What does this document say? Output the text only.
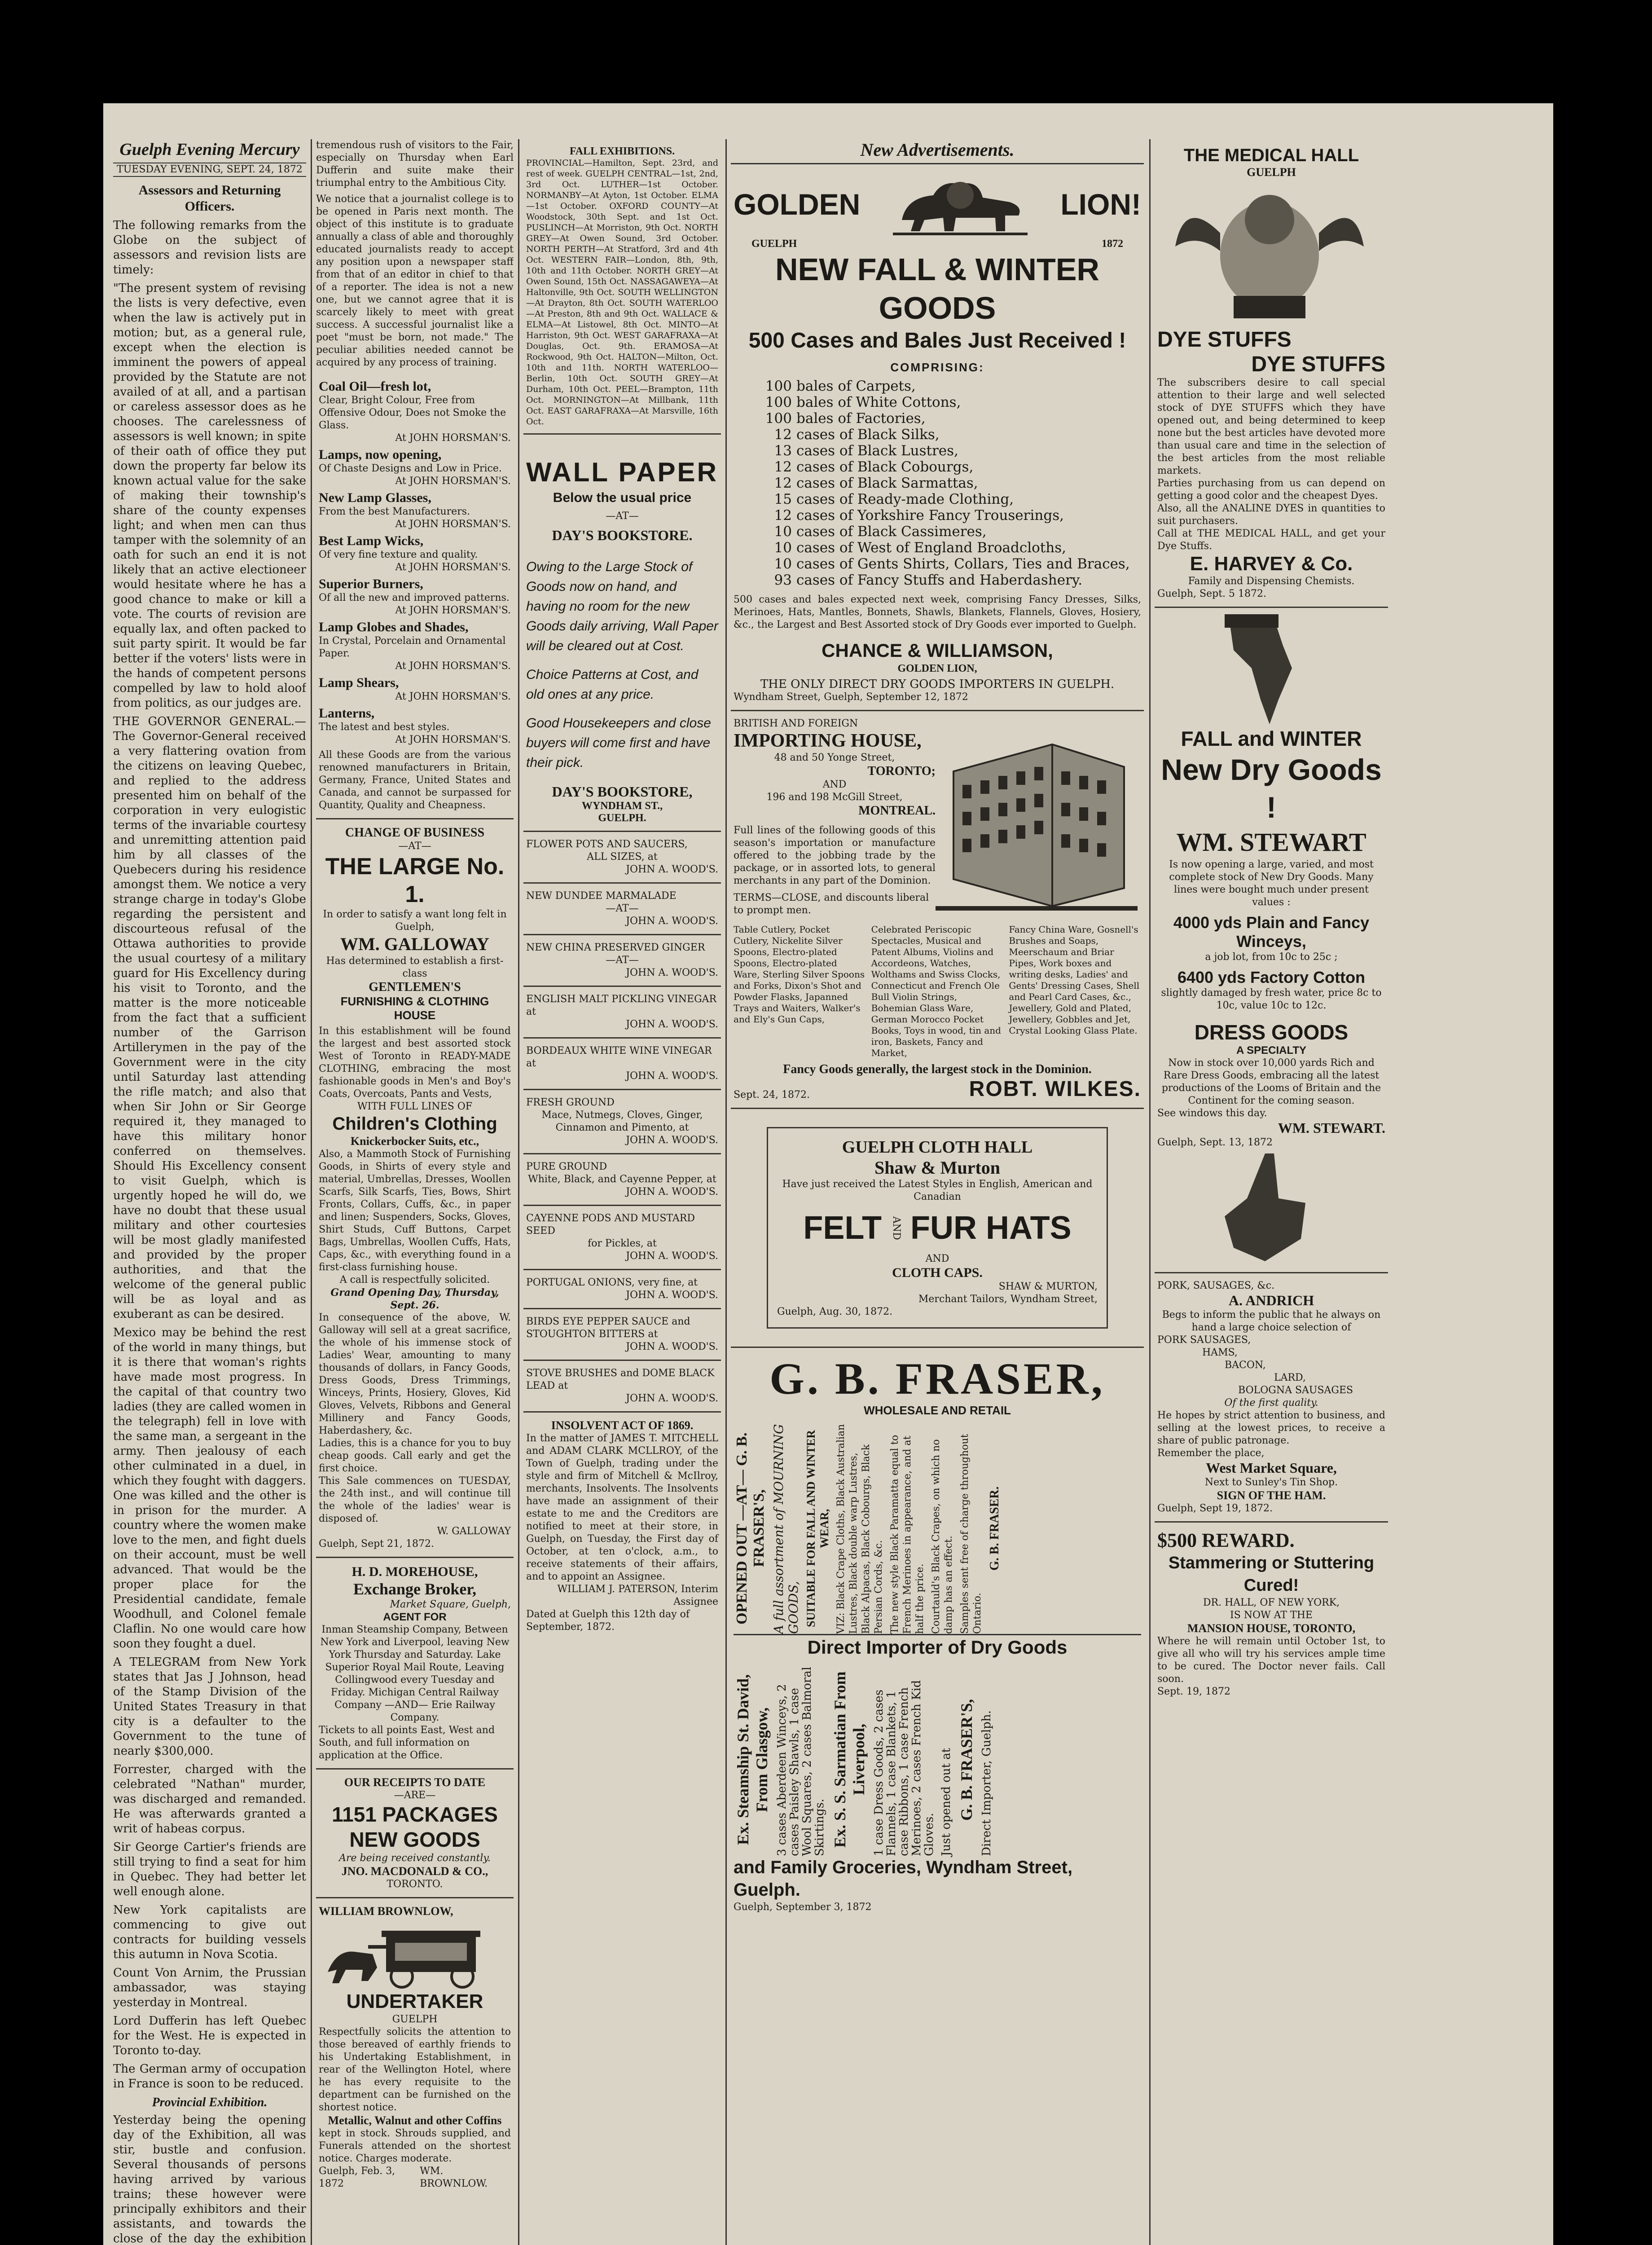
Guelph Evening Mercury
TUESDAY EVENING, SEPT. 24, 1872
Assessors and Returning Officers.

The following remarks from the Globe on the subject of assessors and revision lists are timely:

"The present system of revising the lists is very defective, even when the law is actively put in motion; but, as a general rule, except when the election is imminent the powers of appeal provided by the Statute are not availed of at all, and a partisan or careless assessor does as he chooses. The carelessness of assessors is well known; in spite of their oath of office they put down the property far below its known actual value for the sake of making their township's share of the county expenses light; and when men can thus tamper with the solemnity of an oath for such an end it is not likely that an active electioneer would hesitate where he has a good chance to make or kill a vote. The courts of revision are equally lax, and often packed to suit party spirit. It would be far better if the voters' lists were in the hands of competent persons compelled by law to hold aloof from politics, as our judges are.

THE GOVERNOR GENERAL.—The Governor-General received a very flattering ovation from the citizens on leaving Quebec, and replied to the address presented him on behalf of the corporation in very eulogistic terms of the invariable courtesy and unremitting attention paid him by all classes of the Quebecers during his residence amongst them. We notice a very strange charge in today's Globe regarding the persistent and discourteous refusal of the Ottawa authorities to provide the usual courtesy of a military guard for His Excellency during his visit to Toronto, and the matter is the more noticeable from the fact that a sufficient number of the Garrison Artillerymen in the pay of the Government were in the city until Saturday last attending the rifle match; and also that when Sir John or Sir George required it, they managed to have this military honor conferred on themselves. Should His Excellency consent to visit Guelph, which is urgently hoped he will do, we have no doubt that these usual military and other courtesies will be most gladly manifested and provided by the proper authorities, and that the welcome of the general public will be as loyal and as exuberant as can be desired.

Mexico may be behind the rest of the world in many things, but it is there that woman's rights have made most progress. In the capital of that country two ladies (they are called women in the telegraph) fell in love with the same man, a sergeant in the army. Then jealousy of each other culminated in a duel, in which they fought with daggers. One was killed and the other is in prison for the murder. A country where the women make love to the men, and fight duels on their account, must be well advanced. That would be the proper place for the Presidential candidate, female Woodhull, and Colonel female Claflin. No one would care how soon they fought a duel.

A TELEGRAM from New York states that Jas J Johnson, head of the Stamp Division of the United States Treasury in that city is a defaulter to the Government to the tune of nearly $300,000.

Forrester, charged with the celebrated "Nathan" murder, was discharged and remanded. He was afterwards granted a writ of habeas corpus.

Sir George Cartier's friends are still trying to find a seat for him in Quebec. They had better let well enough alone.

New York capitalists are commencing to give out contracts for building vessels this autumn in Nova Scotia.

Count Von Arnim, the Prussian ambassador, was staying yesterday in Montreal.

Lord Dufferin has left Quebec for the West. He is expected in Toronto to-day.

The German army of occupation in France is soon to be reduced.

Provincial Exhibition.

Yesterday being the opening day of the Exhibition, all was stir, bustle and confusion. Several thousands of persons having arrived by various trains; these however were principally exhibitors and their assistants, and towards the close of the day the exhibition

tremendous rush of visitors to the Fair, especially on Thursday when Earl Dufferin and suite make their triumphal entry to the Ambitious City.

We notice that a journalist college is to be opened in Paris next month. The object of this institute is to graduate annually a class of able and thoroughly educated journalists ready to accept any position upon a newspaper staff from that of an editor in chief to that of a reporter. The idea is not a new one, but we cannot agree that it is scarcely likely to meet with great success. A successful journalist like a poet "must be born, not made." The peculiar abilities needed cannot be acquired by any process of training.

Coal Oil—fresh lot,
Clear, Bright Colour, Free from Offensive Odour, Does not Smoke the Glass.
At JOHN HORSMAN'S.
Lamps, now opening,
Of Chaste Designs and Low in Price.
At JOHN HORSMAN'S.
New Lamp Glasses,
From the best Manufacturers.
At JOHN HORSMAN'S.
Best Lamp Wicks,
Of very fine texture and quality.
At JOHN HORSMAN'S.
Superior Burners,
Of all the new and improved patterns.
At JOHN HORSMAN'S.
Lamp Globes and Shades,
In Crystal, Porcelain and Ornamental Paper.
At JOHN HORSMAN'S.
Lamp Shears,
At JOHN HORSMAN'S.
Lanterns,
The latest and best styles.
At JOHN HORSMAN'S.
All these Goods are from the various renowned manufacturers in Britain, Germany, France, United States and Canada, and cannot be surpassed for Quantity, Quality and Cheapness.
CHANGE OF BUSINESS
—AT—
THE LARGE No. 1.
In order to satisfy a want long felt in Guelph,
WM. GALLOWAY
Has determined to establish a first-class
GENTLEMEN'S
FURNISHING & CLOTHING HOUSE
In this establishment will be found the largest and best assorted stock West of Toronto in READY-MADE CLOTHING, embracing the most fashionable goods in Men's and Boy's Coats, Overcoats, Pants and Vests,
WITH FULL LINES OF
Children's Clothing
Knickerbocker Suits, etc.,
Also, a Mammoth Stock of Furnishing Goods, in Shirts of every style and material, Umbrellas, Dresses, Woollen Scarfs, Silk Scarfs, Ties, Bows, Shirt Fronts, Collars, Cuffs, &c., in paper and linen; Suspenders, Socks, Gloves, Shirt Studs, Cuff Buttons, Carpet Bags, Umbrellas, Woollen Cuffs, Hats, Caps, &c., with everything found in a first-class furnishing house.
A call is respectfully solicited.
Grand Opening Day, Thursday, Sept. 26.
In consequence of the above, W. Galloway will sell at a great sacrifice, the whole of his immense stock of Ladies' Wear, amounting to many thousands of dollars, in Fancy Goods, Dress Goods, Dress Trimmings, Winceys, Prints, Hosiery, Gloves, Kid Gloves, Velvets, Ribbons and General Millinery and Fancy Goods, Haberdashery, &c.
Ladies, this is a chance for you to buy cheap goods. Call early and get the first choice.
This Sale commences on TUESDAY, the 24th inst., and will continue till the whole of the ladies' wear is disposed of.
W. GALLOWAY
Guelph, Sept 21, 1872.
H. D. MOREHOUSE,
Exchange Broker,
Market Square, Guelph,
AGENT FOR
Inman Steamship Company, Between New York and Liverpool, leaving New York Thursday and Saturday. Lake Superior Royal Mail Route, Leaving Collingwood every Tuesday and Friday. Michigan Central Railway Company —AND— Erie Railway Company.
Tickets to all points East, West and South, and full information on application at the Office.
OUR RECEIPTS TO DATE
—ARE—
1151 PACKAGES
NEW GOODS
Are being received constantly.
JNO. MACDONALD & CO.,
TORONTO.
WILLIAM BROWNLOW,
UNDERTAKER
GUELPH
Respectfully solicits the attention to those bereaved of earthly friends to his Undertaking Establishment, in rear of the Wellington Hotel, where he has every requisite to the department can be furnished on the shortest notice.
Metallic, Walnut and other Coffins
kept in stock. Shrouds supplied, and Funerals attended on the shortest notice. Charges moderate.
Guelph, Feb. 3, 1872
WM. BROWNLOW.
FALL EXHIBITIONS.
PROVINCIAL—Hamilton, Sept. 23rd, and rest of week. GUELPH CENTRAL—1st, 2nd, 3rd Oct. LUTHER—1st October. NORMANBY—At Ayton, 1st October. ELMA—1st October. OXFORD COUNTY—At Woodstock, 30th Sept. and 1st Oct. PUSLINCH—At Morriston, 9th Oct. NORTH GREY—At Owen Sound, 3rd October. NORTH PERTH—At Stratford, 3rd and 4th Oct. WESTERN FAIR—London, 8th, 9th, 10th and 11th October. NORTH GREY—At Owen Sound, 15th Oct. NASSAGAWEYA—At Haltonville, 9th Oct. SOUTH WELLINGTON—At Drayton, 8th Oct. SOUTH WATERLOO—At Preston, 8th and 9th Oct. WALLACE & ELMA—At Listowel, 8th Oct. MINTO—At Harriston, 9th Oct. WEST GARAFRAXA—At Douglas, Oct. 9th. ERAMOSA—At Rockwood, 9th Oct. HALTON—Milton, Oct. 10th and 11th. NORTH WATERLOO—Berlin, 10th Oct. SOUTH GREY—At Durham, 10th Oct. PEEL—Brampton, 11th Oct. MORNINGTON—At Millbank, 11th Oct. EAST GARAFRAXA—At Marsville, 16th Oct.
WALL PAPER
Below the usual price
—AT—
DAY'S BOOKSTORE.
Owing to the Large Stock of Goods now on hand, and having no room for the new Goods daily arriving, Wall Paper will be cleared out at Cost.
Choice Patterns at Cost, and old ones at any price.
Good Housekeepers and close buyers will come first and have their pick.
DAY'S BOOKSTORE,
WYNDHAM ST.,
GUELPH.
FLOWER POTS AND SAUCERS,
ALL SIZES, at
JOHN A. WOOD'S.
NEW DUNDEE MARMALADE
—AT—
JOHN A. WOOD'S.
NEW CHINA PRESERVED GINGER
—AT—
JOHN A. WOOD'S.
ENGLISH MALT PICKLING VINEGAR at
JOHN A. WOOD'S.
BORDEAUX WHITE WINE VINEGAR at
JOHN A. WOOD'S.
FRESH GROUND
Mace, Nutmegs, Cloves, Ginger, Cinnamon and Pimento, at
JOHN A. WOOD'S.
PURE GROUND
White, Black, and Cayenne Pepper, at
JOHN A. WOOD'S.
CAYENNE PODS AND MUSTARD SEED
for Pickles, at
JOHN A. WOOD'S.
PORTUGAL ONIONS, very fine, at
JOHN A. WOOD'S.
BIRDS EYE PEPPER SAUCE and STOUGHTON BITTERS at
JOHN A. WOOD'S.
STOVE BRUSHES and DOME BLACK LEAD at
JOHN A. WOOD'S.
INSOLVENT ACT OF 1869.
In the matter of JAMES T. MITCHELL and ADAM CLARK MCLLROY, of the Town of Guelph, trading under the style and firm of Mitchell & McIlroy, merchants, Insolvents. The Insolvents have made an assignment of their estate to me and the Creditors are notified to meet at their store, in Guelph, on Tuesday, the First day of October, at ten o'clock, a.m., to receive statements of their affairs, and to appoint an Assignee.
WILLIAM J. PATERSON, Interim Assignee
Dated at Guelph this 12th day of September, 1872.
New Advertisements.
GOLDEN	LION!
GUELPH	1872
NEW FALL & WINTER GOODS
500 Cases and Bales Just Received !
COMPRISING:
100 bales of Carpets,
100 bales of White Cottons,
100 bales of Factories,
12 cases of Black Silks,
13 cases of Black Lustres,
12 cases of Black Cobourgs,
12 cases of Black Sarmattas,
15 cases of Ready-made Clothing,
12 cases of Yorkshire Fancy Trouserings,
10 cases of Black Cassimeres,
10 cases of West of England Broadcloths,
10 cases of Gents Shirts, Collars, Ties and Braces,
93 cases of Fancy Stuffs and Haberdashery.
500 cases and bales expected next week, comprising Fancy Dresses, Silks, Merinoes, Hats, Mantles, Bonnets, Shawls, Blankets, Flannels, Gloves, Hosiery, &c., the Largest and Best Assorted stock of Dry Goods ever imported to Guelph.
CHANCE & WILLIAMSON,
GOLDEN LION,
THE ONLY DIRECT DRY GOODS IMPORTERS IN GUELPH.
Wyndham Street, Guelph, September 12, 1872
BRITISH AND FOREIGN
IMPORTING HOUSE,
48 and 50 Yonge Street,
TORONTO;
AND
196 and 198 McGill Street,
MONTREAL.
Full lines of the following goods of this season's importation or manufacture offered to the jobbing trade by the package, or in assorted lots, to general merchants in any part of the Dominion.
TERMS—CLOSE, and discounts liberal to prompt men.
Table Cutlery, Pocket Cutlery, Nickelite Silver Spoons, Electro-plated Spoons, Electro-plated Ware, Sterling Silver Spoons and Forks, Dixon's Shot and Powder Flasks, Japanned Trays and Waiters, Walker's and Ely's Gun Caps,
Celebrated Periscopic Spectacles, Musical and Patent Albums, Violins and Accordeons, Watches, Wolthams and Swiss Clocks, Connecticut and French Ole Bull Violin Strings, Bohemian Glass Ware, German Morocco Pocket Books, Toys in wood, tin and iron, Baskets, Fancy and Market,
Fancy China Ware, Gosnell's Brushes and Soaps, Meerschaum and Briar Pipes, Work boxes and writing desks, Ladies' and Gents' Dressing Cases, Shell and Pearl Card Cases, &c., Jewellery, Gold and Plated, Jewellery, Gobbles and Jet, Crystal Looking Glass Plate.
Fancy Goods generally, the largest stock in the Dominion.
Sept. 24, 1872.	ROBT. WILKES.
GUELPH CLOTH HALL
Shaw & Murton
Have just received the Latest Styles in English, American and Canadian
FELT AND FUR HATS
AND
CLOTH CAPS.
SHAW & MURTON,
Merchant Tailors, Wyndham Street,
Guelph, Aug. 30, 1872.
G. B. FRASER,
WHOLESALE AND RETAIL
OPENED OUT —AT— G. B. FRASER'S, A full assortment of MOURNING GOODS, SUITABLE FOR FALL AND WINTER WEAR, VIZ: Black Crape Cloths, Black Australian Lustres, Black double warp Lustres, Black Alpacas, Black Cobourgs, Black Persian Cords, &c. The new style Black Paramatta equal to French Merinoes in appearance, and at half the price. Courtauld's Black Crapes, on which no damp has an effect. Samples sent free of charge throughout Ontario.
G. B. FRASER.
Direct Importer of Dry Goods
Ex. Steamship St. David, From Glasgow, 3 cases Aberdeen Winceys, 2 cases Paisley Shawls, 1 case Wool Squares, 2 cases Balmoral Skirtings. Ex. S. S. Sarmatian From Liverpool, 1 case Dress Goods, 2 cases Flannels, 1 case Blankets, 1 case Ribbons, 1 case French Merinoes, 2 cases French Kid Gloves. Just opened out at G. B. FRASER'S, Direct Importer, Guelph.
and Family Groceries, Wyndham Street, Guelph.
Guelph, September 3, 1872
THE MEDICAL HALL
GUELPH
DYE STUFFS
DYE STUFFS
The subscribers desire to call special attention to their large and well selected stock of DYE STUFFS which they have opened out, and being determined to keep none but the best articles have devoted more than usual care and time in the selection of the best articles from the most reliable markets.
Parties purchasing from us can depend on getting a good color and the cheapest Dyes.
Also, all the ANALINE DYES in quantities to suit purchasers.
Call at THE MEDICAL HALL, and get your Dye Stuffs.
E. HARVEY & Co.
Family and Dispensing Chemists.
Guelph, Sept. 5 1872.
FALL and WINTER
New Dry Goods !
WM. STEWART
Is now opening a large, varied, and most complete stock of New Dry Goods. Many lines were bought much under present values :
4000 yds Plain and Fancy Winceys,
a job lot, from 10c to 25c ;
6400 yds Factory Cotton
slightly damaged by fresh water, price 8c to 10c, value 10c to 12c.
DRESS GOODS
A SPECIALTY
Now in stock over 10,000 yards Rich and Rare Dress Goods, embracing all the latest productions of the Looms of Britain and the Continent for the coming season.
See windows this day.
WM. STEWART.
Guelph, Sept. 13, 1872
PORK, SAUSAGES, &c.
A. ANDRICH
Begs to inform the public that he always on hand a large choice selection of
PORK SAUSAGES,
HAMS,
BACON,
LARD,
BOLOGNA SAUSAGES
Of the first quality.
He hopes by strict attention to business, and selling at the lowest prices, to receive a share of public patronage.
Remember the place,
West Market Square,
Next to Sunley's Tin Shop.
SIGN OF THE HAM.
Guelph, Sept 19, 1872.
$500 REWARD.
Stammering or Stuttering Cured!
DR. HALL, OF NEW YORK,
IS NOW AT THE
MANSION HOUSE, TORONTO,
Where he will remain until October 1st, to give all who will try his services ample time to be cured. The Doctor never fails. Call soon.
Sept. 19, 1872
